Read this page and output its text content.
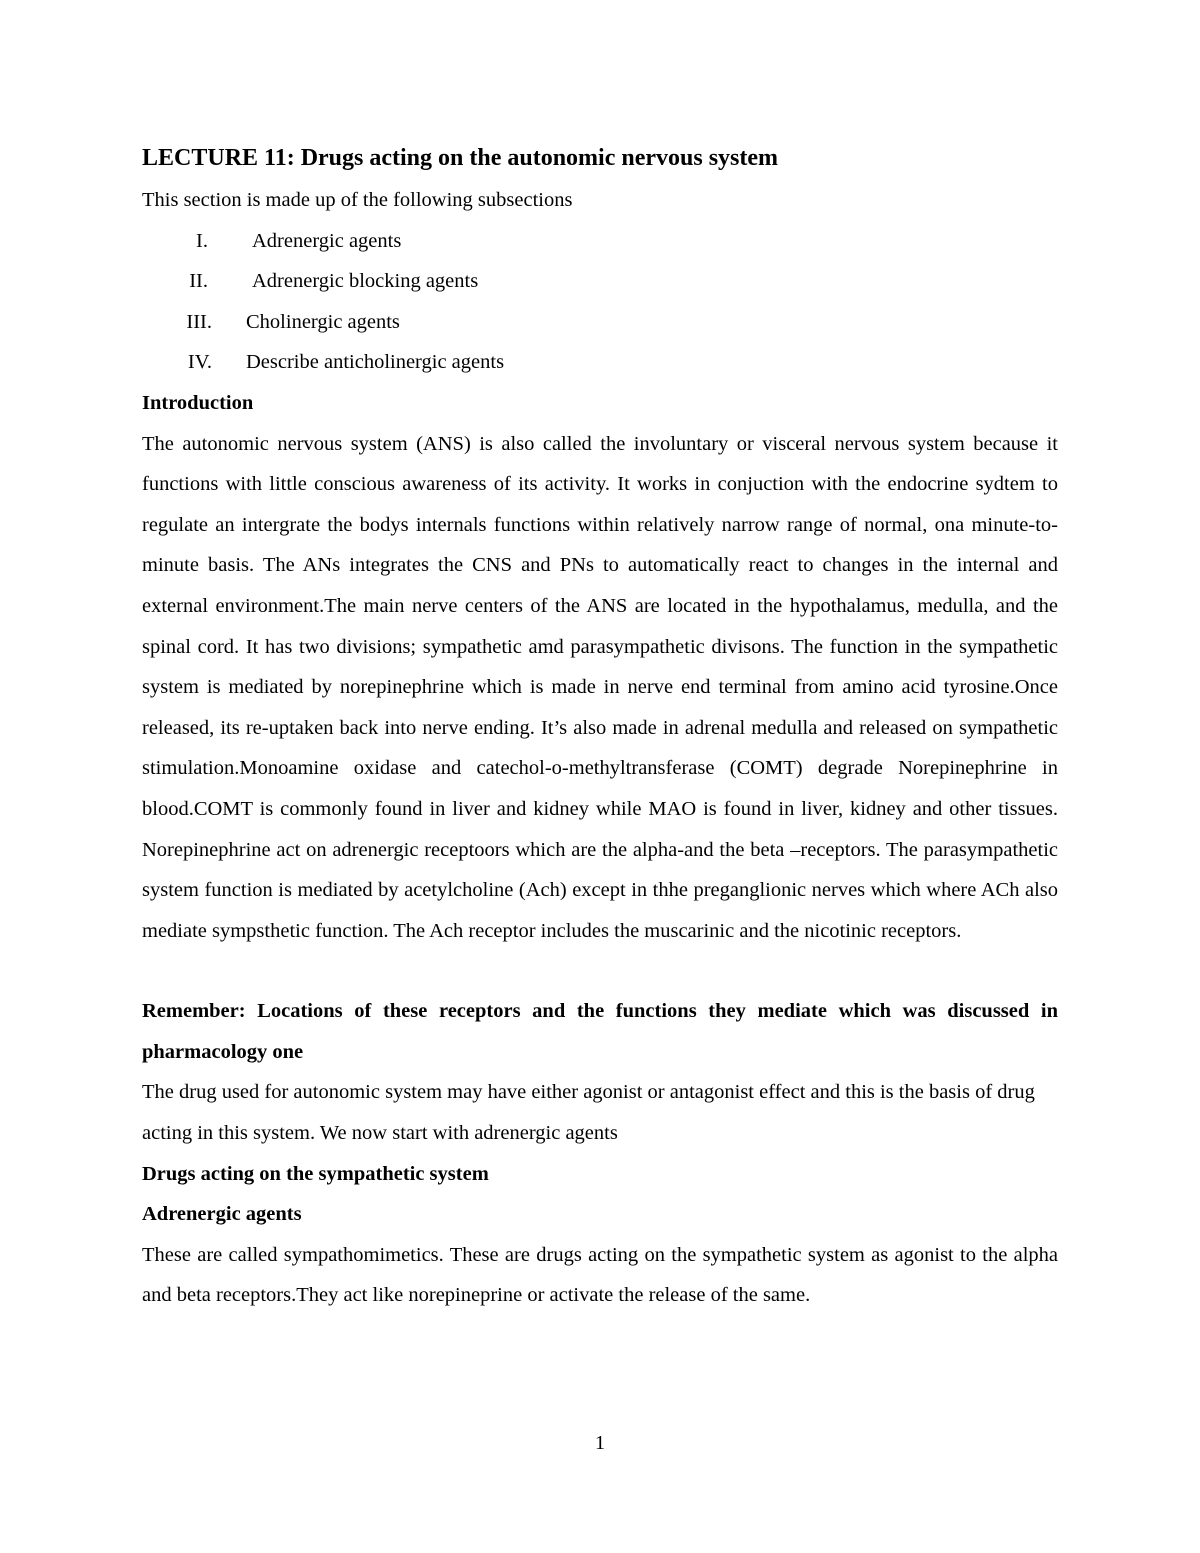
LECTURE 11: Drugs acting on the autonomic nervous system

This section is made up of the following subsections

I. Adrenergic agents
II. Adrenergic blocking agents
III. Cholinergic agents
IV. Describe anticholinergic agents
Introduction

The autonomic nervous system (ANS) is also called the involuntary or visceral nervous system because it functions with little conscious awareness of its activity. It works in conjuction with the endocrine sydtem to regulate an intergrate the bodys internals functions within relatively narrow range of normal, ona minute-to-minute basis. The ANs integrates the CNS and PNs to automatically react to changes in the internal and external environment.The main nerve centers of the ANS are located in the hypothalamus, medulla, and the spinal cord. It has two divisions; sympathetic amd parasympathetic divisons. The function in the sympathetic system is mediated by norepinephrine which is made in nerve end terminal from amino acid tyrosine.Once released, its re-uptaken back into nerve ending. It’s also made in adrenal medulla and released on sympathetic stimulation.Monoamine oxidase and catechol-o-methyltransferase (COMT) degrade Norepinephrine in blood.COMT is commonly found in liver and kidney while MAO is found in liver, kidney and other tissues. Norepinephrine act on adrenergic receptoors which are the alpha-and the beta –receptors. The parasympathetic system function is mediated by acetylcholine (Ach) except in thhe preganglionic nerves which where ACh also mediate sympsthetic function. The Ach receptor includes the muscarinic and the nicotinic receptors.

Remember: Locations of these receptors and the functions they mediate which was discussed in pharmacology one

The drug used for autonomic system may have either agonist or antagonist effect and this is the basis of drug acting in this system. We now start with adrenergic agents

Drugs acting on the sympathetic system
Adrenergic agents

These are called sympathomimetics. These are drugs acting on the sympathetic system as agonist to the alpha and beta receptors.They act like norepineprine or activate the release of the same.

1
